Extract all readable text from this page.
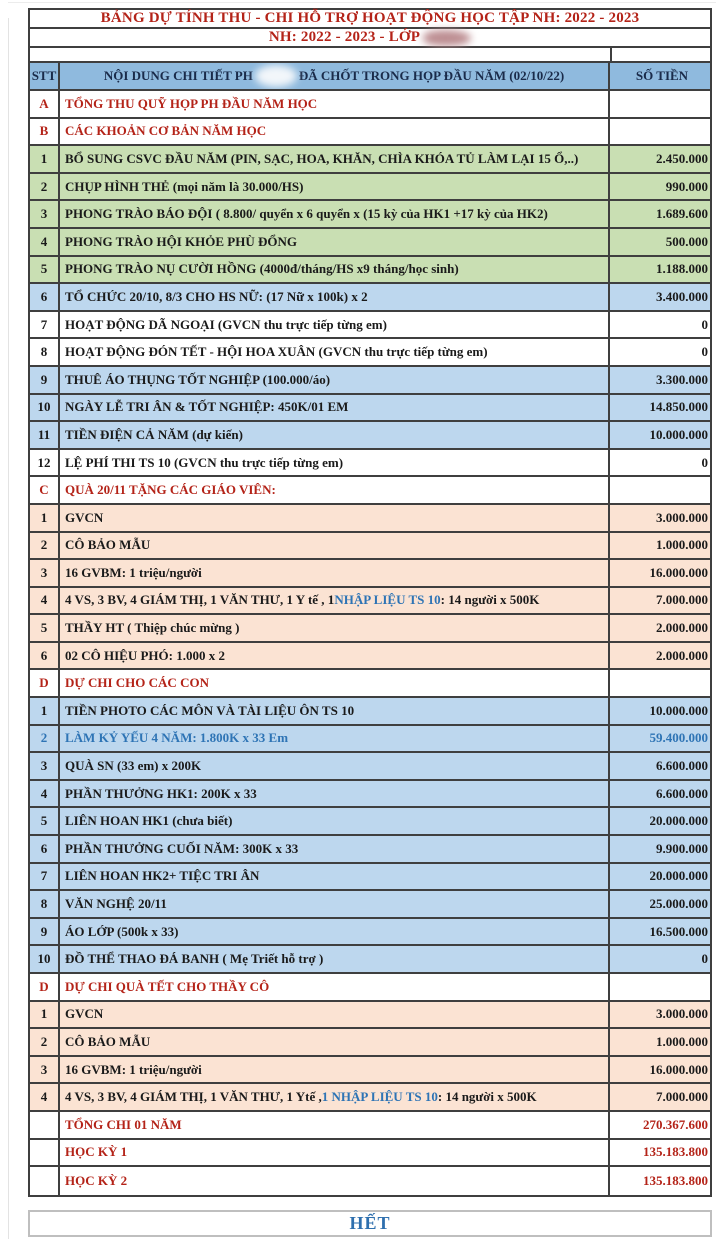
BẢNG DỰ TÍNH THU - CHI HỖ TRỢ HOẠT ĐỘNG HỌC TẬP NH: 2022 - 2023
NH: 2022 - 2023 - LỚP
STT	NỘI DUNG CHI TIẾT PH	ĐÃ CHỐT TRONG HỌP ĐẦU NĂM (02/10/22)	SỐ TIỀN
A	TỔNG THU QUỸ HỌP PH ĐẦU NĂM HỌC
B	CÁC KHOẢN CƠ BẢN NĂM HỌC
1	BỔ SUNG CSVC ĐẦU NĂM (PIN, SẠC, HOA, KHĂN, CHÌA KHÓA TỦ LÀM LẠI 15 Ổ,..)	2.450.000
2	CHỤP HÌNH THẺ (mọi năm là 30.000/HS)	990.000
3	PHONG TRÀO BÁO ĐỘI ( 8.800/ quyển x 6 quyển x (15 kỳ của HK1 +17 kỳ của HK2)	1.689.600
4	PHONG TRÀO HỘI KHỎE PHÙ ĐỔNG	500.000
5	PHONG TRÀO NỤ CƯỜI HỒNG (4000đ/tháng/HS x9 tháng/học sinh)	1.188.000
6	TỔ CHỨC 20/10, 8/3 CHO HS NỮ: (17 Nữ x 100k) x 2	3.400.000
7	HOẠT ĐỘNG DÃ NGOẠI (GVCN thu trực tiếp từng em)	0
8	HOẠT ĐỘNG ĐÓN TẾT - HỘI HOA XUÂN (GVCN thu trực tiếp từng em)	0
9	THUÊ ÁO THỤNG TỐT NGHIỆP (100.000/áo)	3.300.000
10	NGÀY LỄ TRI ÂN & TỐT NGHIỆP: 450K/01 EM	14.850.000
11	TIỀN ĐIỆN CẢ NĂM (dự kiến)	10.000.000
12	LỆ PHÍ THI TS 10 (GVCN thu trực tiếp từng em)	0
C	QUÀ 20/11 TẶNG CÁC GIÁO VIÊN:
1	GVCN	3.000.000
2	CÔ BẢO MẪU	1.000.000
3	16 GVBM: 1 triệu/người	16.000.000
4	4 VS, 3 BV, 4 GIÁM THỊ, 1 VĂN THƯ, 1 Y tế , 1 NHẬP LIỆU TS 10 : 14 người x 500K	7.000.000
5	THẦY HT ( Thiệp chúc mừng )	2.000.000
6	02 CÔ HIỆU PHÓ: 1.000 x 2	2.000.000
D	DỰ CHI CHO CÁC CON
1	TIỀN PHOTO CÁC MÔN VÀ TÀI LIỆU ÔN TS 10	10.000.000
2	LÀM KỶ YẾU 4 NĂM: 1.800K x 33 Em	59.400.000
3	QUÀ SN (33 em) x 200K	6.600.000
4	PHẦN THƯỞNG HK1: 200K x 33	6.600.000
5	LIÊN HOAN HK1 (chưa biết)	20.000.000
6	PHẦN THƯỞNG CUỐI NĂM: 300K x 33	9.900.000
7	LIÊN HOAN HK2+ TIỆC TRI ÂN	20.000.000
8	VĂN NGHỆ 20/11	25.000.000
9	ÁO LỚP (500k x 33)	16.500.000
10	ĐỒ THỂ THAO ĐÁ BANH ( Mẹ Triết hỗ trợ )	0
D	DỰ CHI QUÀ TẾT CHO THẦY CÔ
1	GVCN	3.000.000
2	CÔ BẢO MẪU	1.000.000
3	16 GVBM: 1 triệu/người	16.000.000
4	4 VS, 3 BV, 4 GIÁM THỊ, 1 VĂN THƯ, 1 Ytế , 1 NHẬP LIỆU TS 10 : 14 người x 500K	7.000.000
TỔNG CHI 01 NĂM	270.367.600
HỌC KỲ 1	135.183.800
HỌC KỲ 2	135.183.800
HẾT
